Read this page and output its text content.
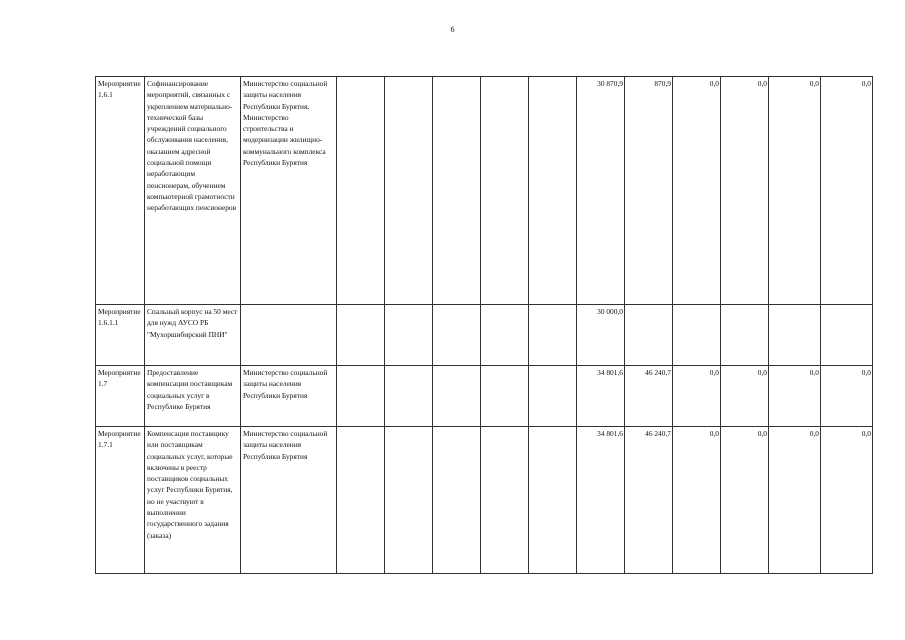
6
Мероприятие 1.6.1	Софинансирование мероприятий, связанных с укреплением материально-технической базы учреждений социального обслуживания населения, оказанием адресной социальной помощи неработающим пенсионерам, обучением компьютерной грамотности неработающих пенсионеров	Министерство социальной защиты населения Республики Бурятия, Министерство строительства и модернизации жилищно-коммунального комплекса Республики Бурятия						30 870,9	870,9	0,0	0,0	0,0	0,0
Мероприятие 1.6.1.1	Спальный корпус на 50 мест для нужд АУСО РБ "Мухоршибирский ПНИ"							30 000,0					
Мероприятие 1.7	Предоставление компенсации поставщикам социальных услуг в Республике Бурятия	Министерство социальной защиты населения Республики Бурятия						34 801,6	46 240,7	0,0	0,0	0,0	0,0
Мероприятие 1.7.1	Компенсация поставщику или поставщикам социальных услуг, которые включены в реестр поставщиков социальных услуг Республики Бурятия, но не участвуют в выполнении государственного задания (заказа)	Министерство социальной защиты населения Республики Бурятия						34 801,6	46 240,7	0,0	0,0	0,0	0,0
